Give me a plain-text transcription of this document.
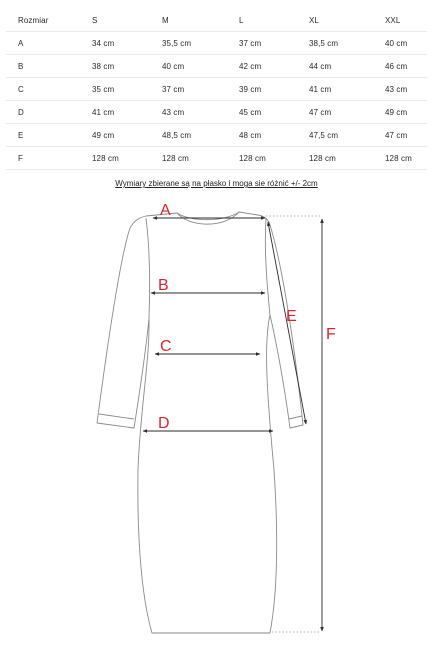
Rozmiar	S	M	L	XL	XXL
A	34 cm	35,5 cm	37 cm	38,5 cm	40 cm
B	38 cm	40 cm	42 cm	44 cm	46 cm
C	35 cm	37 cm	39 cm	41 cm	43 cm
D	41 cm	43 cm	45 cm	47 cm	49 cm
E	49 cm	48,5 cm	48 cm	47,5 cm	47 cm
F	128 cm	128 cm	128 cm	128 cm	128 cm
Wymiary zbierane są na płasko i moga sie różnić +/- 2cm
A
B
C
D
E
F
